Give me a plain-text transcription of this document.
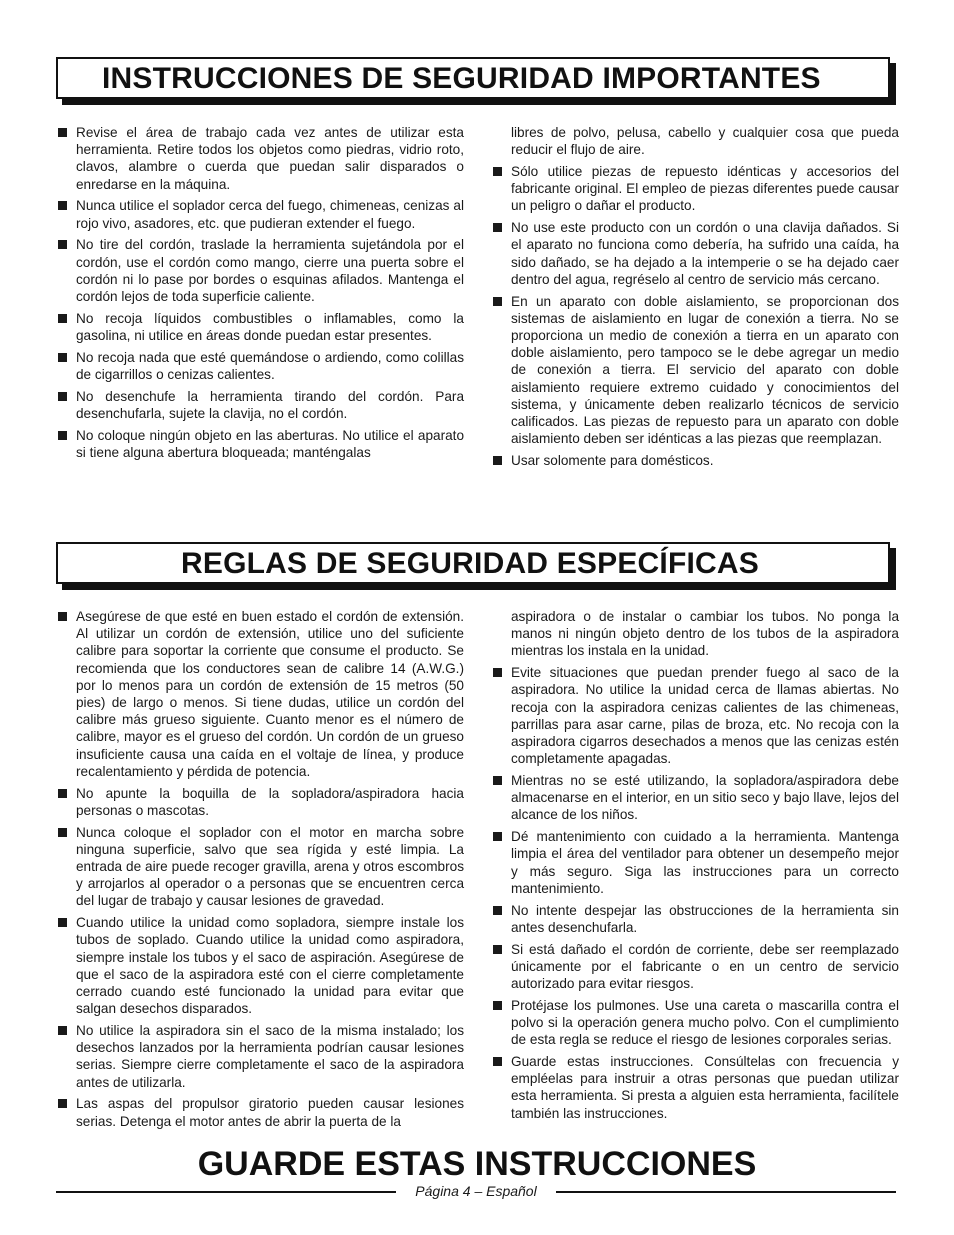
INSTRUCCIONES DE SEGURIDAD IMPORTANTES
Revise el área de trabajo cada vez antes de utilizar esta herramienta. Retire todos los objetos como piedras, vidrio roto, clavos, alambre o cuerda que puedan salir disparados o enredarse en la máquina.
Nunca utilice el soplador cerca del fuego, chimeneas, cenizas al rojo vivo, asadores, etc. que pudieran extender el fuego.
No tire del cordón, traslade la herramienta sujetándola por el cordón, use el cordón como mango, cierre una puerta sobre el cordón ni lo pase por bordes o esquinas afilados. Mantenga el cordón lejos de toda superficie caliente.
No recoja líquidos combustibles o inflamables, como la gasolina, ni utilice en áreas donde puedan estar presentes.
No recoja nada que esté quemándose o ardiendo, como colillas de cigarrillos o cenizas calientes.
No desenchufe la herramienta tirando del cordón. Para desenchufarla, sujete la clavija, no el cordón.
No coloque ningún objeto en las aberturas. No utilice el aparato si tiene alguna abertura bloqueada; manténgalas
libres de polvo, pelusa, cabello y cualquier cosa que pueda reducir el flujo de aire.
Sólo utilice piezas de repuesto idénticas y accesorios del fabricante original. El empleo de piezas diferentes puede causar un peligro o dañar el producto.
No use este producto con un cordón o una clavija dañados. Si el aparato no funciona como debería, ha sufrido una caída, ha sido dañado, se ha dejado a la intemperie o se ha dejado caer dentro del agua, regréselo al centro de servicio más cercano.
En un aparato con doble aislamiento, se proporcionan dos sistemas de aislamiento en lugar de conexión a tierra. No se proporciona un medio de conexión a tierra en un aparato con doble aislamiento, pero tampoco se le debe agregar un medio de conexión a tierra. El servicio del aparato con doble aislamiento requiere extremo cuidado y conocimientos del sistema, y únicamente deben realizarlo técnicos de servicio calificados. Las piezas de repuesto para un aparato con doble aislamiento deben ser idénticas a las piezas que reemplazan.
Usar solomente para domésticos.
REGLAS DE SEGURIDAD ESPECÍFICAS
Asegúrese de que esté en buen estado el cordón de extensión. Al utilizar un cordón de extensión, utilice uno del suficiente calibre para soportar la corriente que consume el producto. Se recomienda que los conductores sean de calibre 14 (A.W.G.) por lo menos para un cordón de extensión de 15 metros (50 pies) de largo o menos. Si tiene dudas, utilice un cordón del calibre más grueso siguiente. Cuanto menor es el número de calibre, mayor es el grueso del cordón. Un cordón de un grueso insuficiente causa una caída en el voltaje de línea, y produce recalentamiento y pérdida de potencia.
No apunte la boquilla de la sopladora/aspiradora hacia personas o mascotas.
Nunca coloque el soplador con el motor en marcha sobre ninguna superficie, salvo que sea rígida y esté limpia. La entrada de aire puede recoger gravilla, arena y otros escombros y arrojarlos al operador o a personas que se encuentren cerca del lugar de trabajo y causar lesiones de gravedad.
Cuando utilice la unidad como sopladora, siempre instale los tubos de soplado. Cuando utilice la unidad como aspiradora, siempre instale los tubos y el saco de aspiración. Asegúrese de que el saco de la aspiradora esté con el cierre completamente cerrado cuando esté funcionado la unidad para evitar que salgan desechos disparados.
No utilice la aspiradora sin el saco de la misma instalado; los desechos lanzados por la herramienta podrían causar lesiones serias. Siempre cierre completamente el saco de la aspiradora antes de utilizarla.
Las aspas del propulsor giratorio pueden causar lesiones serias. Detenga el motor antes de abrir la puerta de la
aspiradora o de instalar o cambiar los tubos. No ponga la manos ni ningún objeto dentro de los tubos de la aspiradora mientras los instala en la unidad.
Evite situaciones que puedan prender fuego al saco de la aspiradora. No utilice la unidad cerca de llamas abiertas. No recoja con la aspiradora cenizas calientes de las chimeneas, parrillas para asar carne, pilas de broza, etc. No recoja con la aspiradora cigarros desechados a menos que las cenizas estén completamente apagadas.
Mientras no se esté utilizando, la sopladora/aspiradora debe almacenarse en el interior, en un sitio seco y bajo llave, lejos del alcance de los niños.
Dé mantenimiento con cuidado a la herramienta. Mantenga limpia el área del ventilador para obtener un desempeño mejor y más seguro. Siga las instrucciones para un correcto mantenimiento.
No intente despejar las obstrucciones de la herramienta sin antes desenchufarla.
Si está dañado el cordón de corriente, debe ser reemplazado únicamente por el fabricante o en un centro de servicio autorizado para evitar riesgos.
Protéjase los pulmones. Use una careta o mascarilla contra el polvo si la operación genera mucho polvo. Con el cumplimiento de esta regla se reduce el riesgo de lesiones corporales serias.
Guarde estas instrucciones. Consúltelas con frecuencia y empléelas para instruir a otras personas que puedan utilizar esta herramienta. Si presta a alguien esta herramienta, facilítele también las instrucciones.
GUARDE ESTAS INSTRUCCIONES
Página 4 – Español
